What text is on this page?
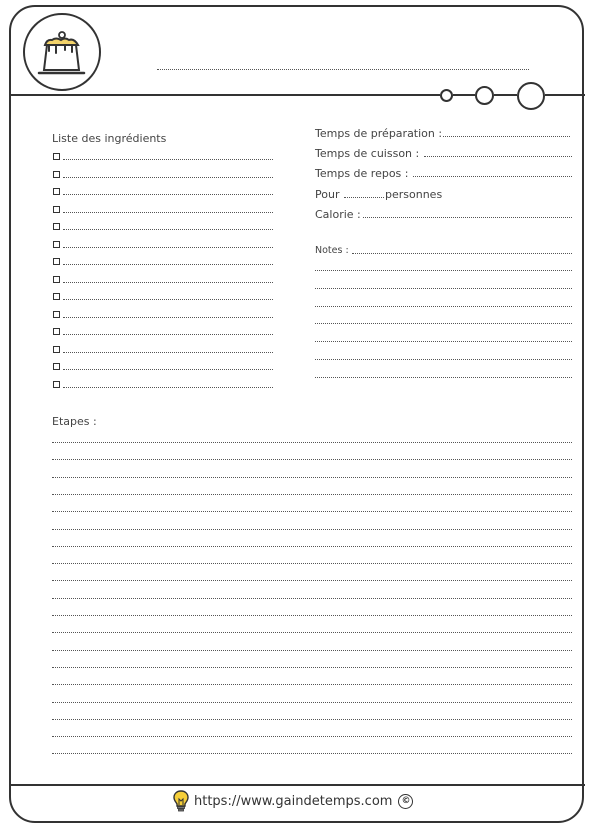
Liste des ingrédients	Temps de préparation :
Temps de cuisson :
Temps de repos :
Pour	personnes
Calorie :
Notes :
Etapes :
https://www.gaindetemps.com ©
